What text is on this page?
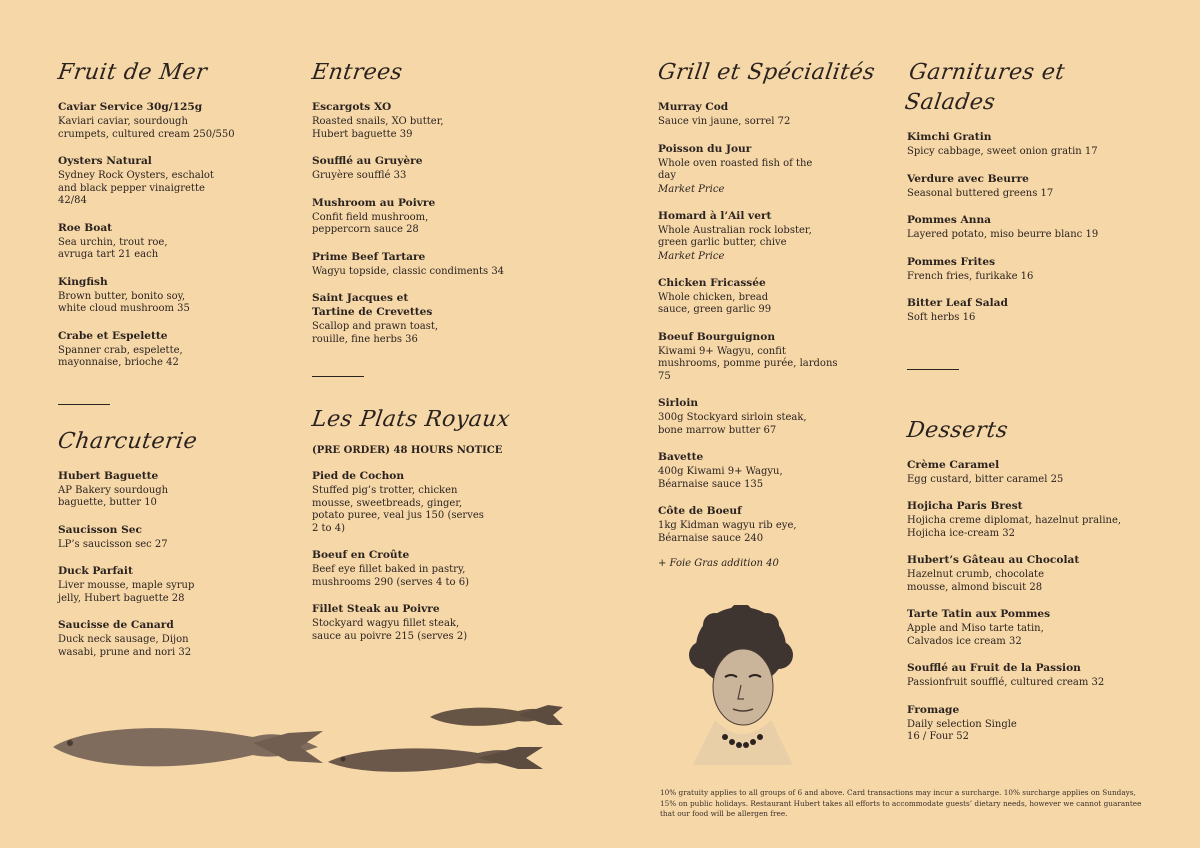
Fruit de Mer
Caviar Service 30g/125g
Kaviari caviar, sourdough crumpets, cultured cream 250/550
Oysters Natural
Sydney Rock Oysters, eschalot and black pepper vinaigrette 42/84
Roe Boat
Sea urchin, trout roe, avruga tart 21 each
Kingfish
Brown butter, bonito soy, white cloud mushroom 35
Crabe et Espelette
Spanner crab, espelette, mayonnaise, brioche 42
Charcuterie
Hubert Baguette
AP Bakery sourdough baguette, butter 10
Saucisson Sec
LP’s saucisson sec 27
Duck Parfait
Liver mousse, maple syrup jelly, Hubert baguette 28
Saucisse de Canard
Duck neck sausage, Dijon wasabi, prune and nori 32
Entrees
Escargots XO
Roasted snails, XO butter, Hubert baguette 39
Soufflé au Gruyère
Gruyère soufflé 33
Mushroom au Poivre
Confit field mushroom, peppercorn sauce 28
Prime Beef Tartare
Wagyu topside, classic condiments 34
Saint Jacques et Tartine de Crevettes
Scallop and prawn toast, rouille, fine herbs 36
Les Plats Royaux
(PRE ORDER) 48 HOURS NOTICE
Pied de Cochon
Stuffed pig’s trotter, chicken mousse, sweetbreads, ginger, potato puree, veal jus 150 (serves 2 to 4)
Boeuf en Croûte
Beef eye fillet baked in pastry, mushrooms 290 (serves 4 to 6)
Fillet Steak au Poivre
Stockyard wagyu fillet steak, sauce au poivre 215 (serves 2)
Grill et Spécialités
Murray Cod
Sauce vin jaune, sorrel 72
Poisson du Jour
Whole oven roasted fish of the day
Market Price
Homard à l’Ail vert
Whole Australian rock lobster, green garlic butter, chive
Market Price
Chicken Fricassée
Whole chicken, bread sauce, green garlic 99
Boeuf Bourguignon
Kiwami 9+ Wagyu, confit mushrooms, pomme purée, lardons 75
Sirloin
300g Stockyard sirloin steak, bone marrow butter 67
Bavette
400g Kiwami 9+ Wagyu, Béarnaise sauce 135
Côte de Boeuf
1kg Kidman wagyu rib eye, Béarnaise sauce 240
+ Foie Gras addition 40
Garnitures et Salades
Kimchi Gratin
Spicy cabbage, sweet onion gratin 17
Verdure avec Beurre
Seasonal buttered greens 17
Pommes Anna
Layered potato, miso beurre blanc 19
Pommes Frites
French fries, furikake 16
Bitter Leaf Salad
Soft herbs 16
Desserts
Crème Caramel
Egg custard, bitter caramel 25
Hojicha Paris Brest
Hojicha creme diplomat, hazelnut praline, Hojicha ice-cream 32
Hubert’s Gâteau au Chocolat
Hazelnut crumb, chocolate mousse, almond biscuit 28
Tarte Tatin aux Pommes
Apple and Miso tarte tatin, Calvados ice cream 32
Soufflé au Fruit de la Passion
Passionfruit soufflé, cultured cream 32
Fromage
Daily selection Single 16 / Four 52
10% gratuity applies to all groups of 6 and above. Card transactions may incur a surcharge. 10% surcharge applies on Sundays, 15% on public holidays. Restaurant Hubert takes all efforts to accommodate guests’ dietary needs, however we cannot guarantee that our food will be allergen free.
